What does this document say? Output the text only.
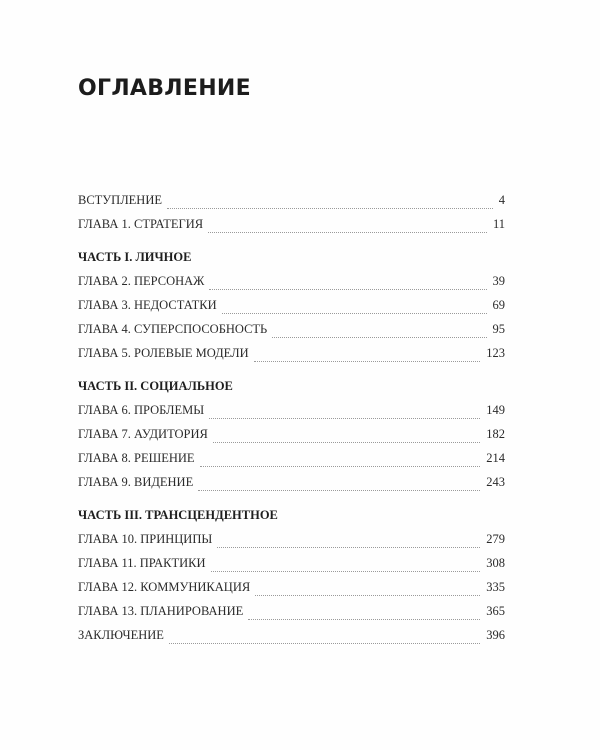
ОГЛАВЛЕНИЕ
ВСТУПЛЕНИЕ	4
ГЛАВА 1. СТРАТЕГИЯ	11
ЧАСТЬ I. ЛИЧНОЕ
ГЛАВА 2. ПЕРСОНАЖ	39
ГЛАВА 3. НЕДОСТАТКИ	69
ГЛАВА 4. СУПЕРСПОСОБНОСТЬ	95
ГЛАВА 5. РОЛЕВЫЕ МОДЕЛИ	123
ЧАСТЬ II. СОЦИАЛЬНОЕ
ГЛАВА 6. ПРОБЛЕМЫ	149
ГЛАВА 7. АУДИТОРИЯ	182
ГЛАВА 8. РЕШЕНИЕ	214
ГЛАВА 9. ВИДЕНИЕ	243
ЧАСТЬ III. ТРАНСЦЕНДЕНТНОЕ
ГЛАВА 10. ПРИНЦИПЫ	279
ГЛАВА 11. ПРАКТИКИ	308
ГЛАВА 12. КОММУНИКАЦИЯ	335
ГЛАВА 13. ПЛАНИРОВАНИЕ	365
ЗАКЛЮЧЕНИЕ	396
